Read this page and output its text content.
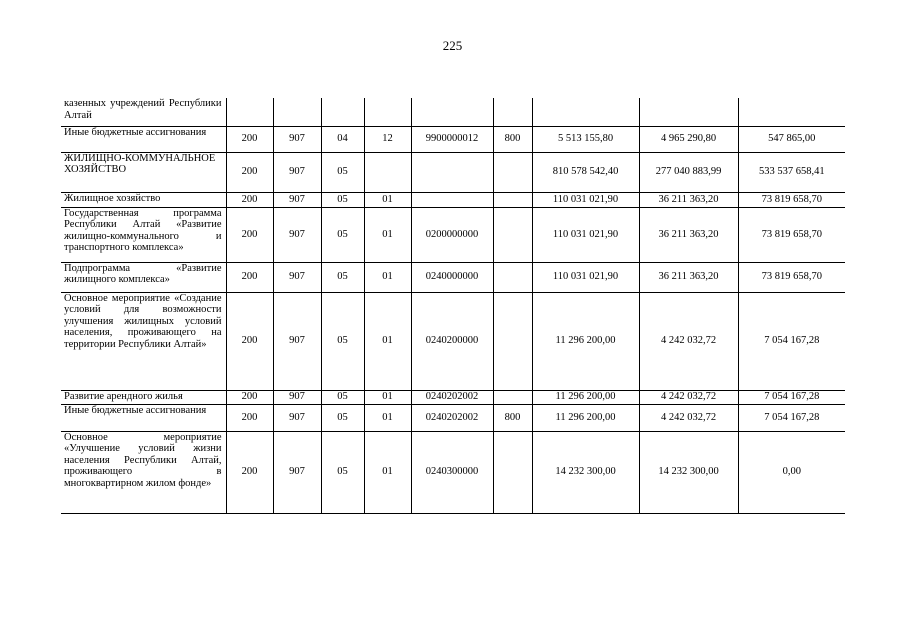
225
казенных учреждений Республики Алтай									
Иные бюджетные ассигнования	200	907	04	12	9900000012	800	5 513 155,80	4 965 290,80	547 865,00
ЖИЛИЩНО-КОММУНАЛЬНОЕ ХОЗЯЙСТВО	200	907	05				810 578 542,40	277 040 883,99	533 537 658,41
Жилищное хозяйство	200	907	05	01			110 031 021,90	36 211 363,20	73 819 658,70
Государственная программа Республики Алтай «Развитие жилищно-коммунального и транспортного комплекса»	200	907	05	01	0200000000		110 031 021,90	36 211 363,20	73 819 658,70
Подпрограмма «Развитие жилищного комплекса»	200	907	05	01	0240000000		110 031 021,90	36 211 363,20	73 819 658,70
Основное мероприятие «Создание условий для возможности улучшения жилищных условий населения, проживающего на территории Республики Алтай»	200	907	05	01	0240200000		11 296 200,00	4 242 032,72	7 054 167,28
Развитие арендного жилья	200	907	05	01	0240202002		11 296 200,00	4 242 032,72	7 054 167,28
Иные бюджетные ассигнования	200	907	05	01	0240202002	800	11 296 200,00	4 242 032,72	7 054 167,28
Основное мероприятие «Улучшение условий жизни населения Республики Алтай, проживающего в многоквартирном жилом фонде»	200	907	05	01	0240300000		14 232 300,00	14 232 300,00	0,00
